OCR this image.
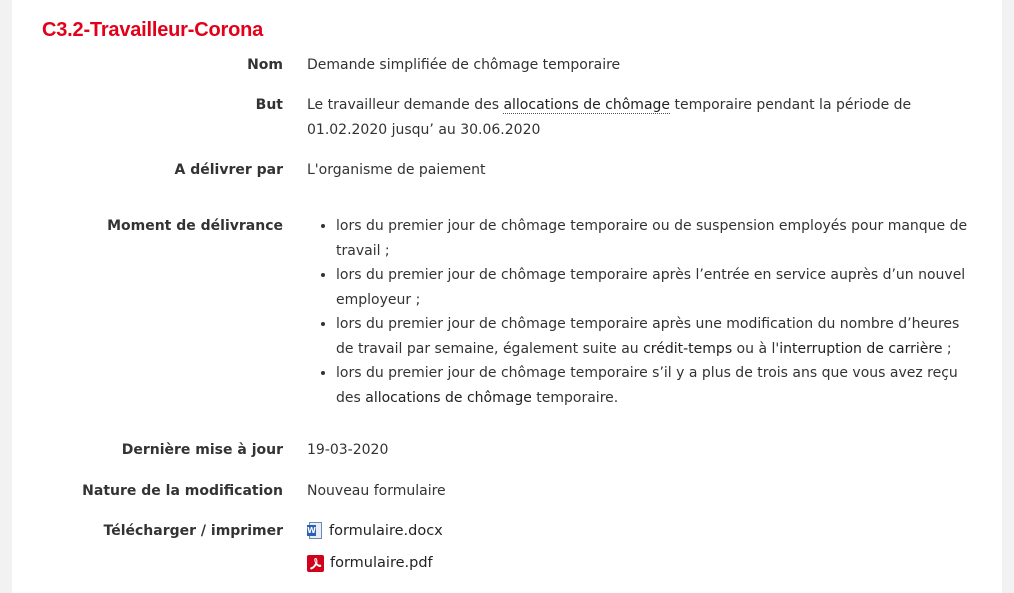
C3.2-Travailleur-Corona
Nom Demande simplifiée de chômage temporaire
But Le travailleur demande des allocations de chômage temporaire pendant la période de 01.02.2020 jusqu’ au 30.06.2020
A délivrer par L'organisme de paiement
Moment de délivrance
•	lors du premier jour de chômage temporaire ou de suspension employés pour manque de travail ;
• lors du premier jour de chômage temporaire après l’entrée en service auprès d’un nouvel employeur ;
• lors du premier jour de chômage temporaire après une modification du nombre d’heures de travail par semaine, également suite au crédit-temps ou à l'interruption de carrière ;
• lors du premier jour de chômage temporaire s’il y a plus de trois ans que vous avez reçu des allocations de chômage temporaire.
Dernière mise à jour 19-03-2020
Nature de la modification Nouveau formulaire
Télécharger / imprimer	W formulaire.docx
formulaire.pdf
